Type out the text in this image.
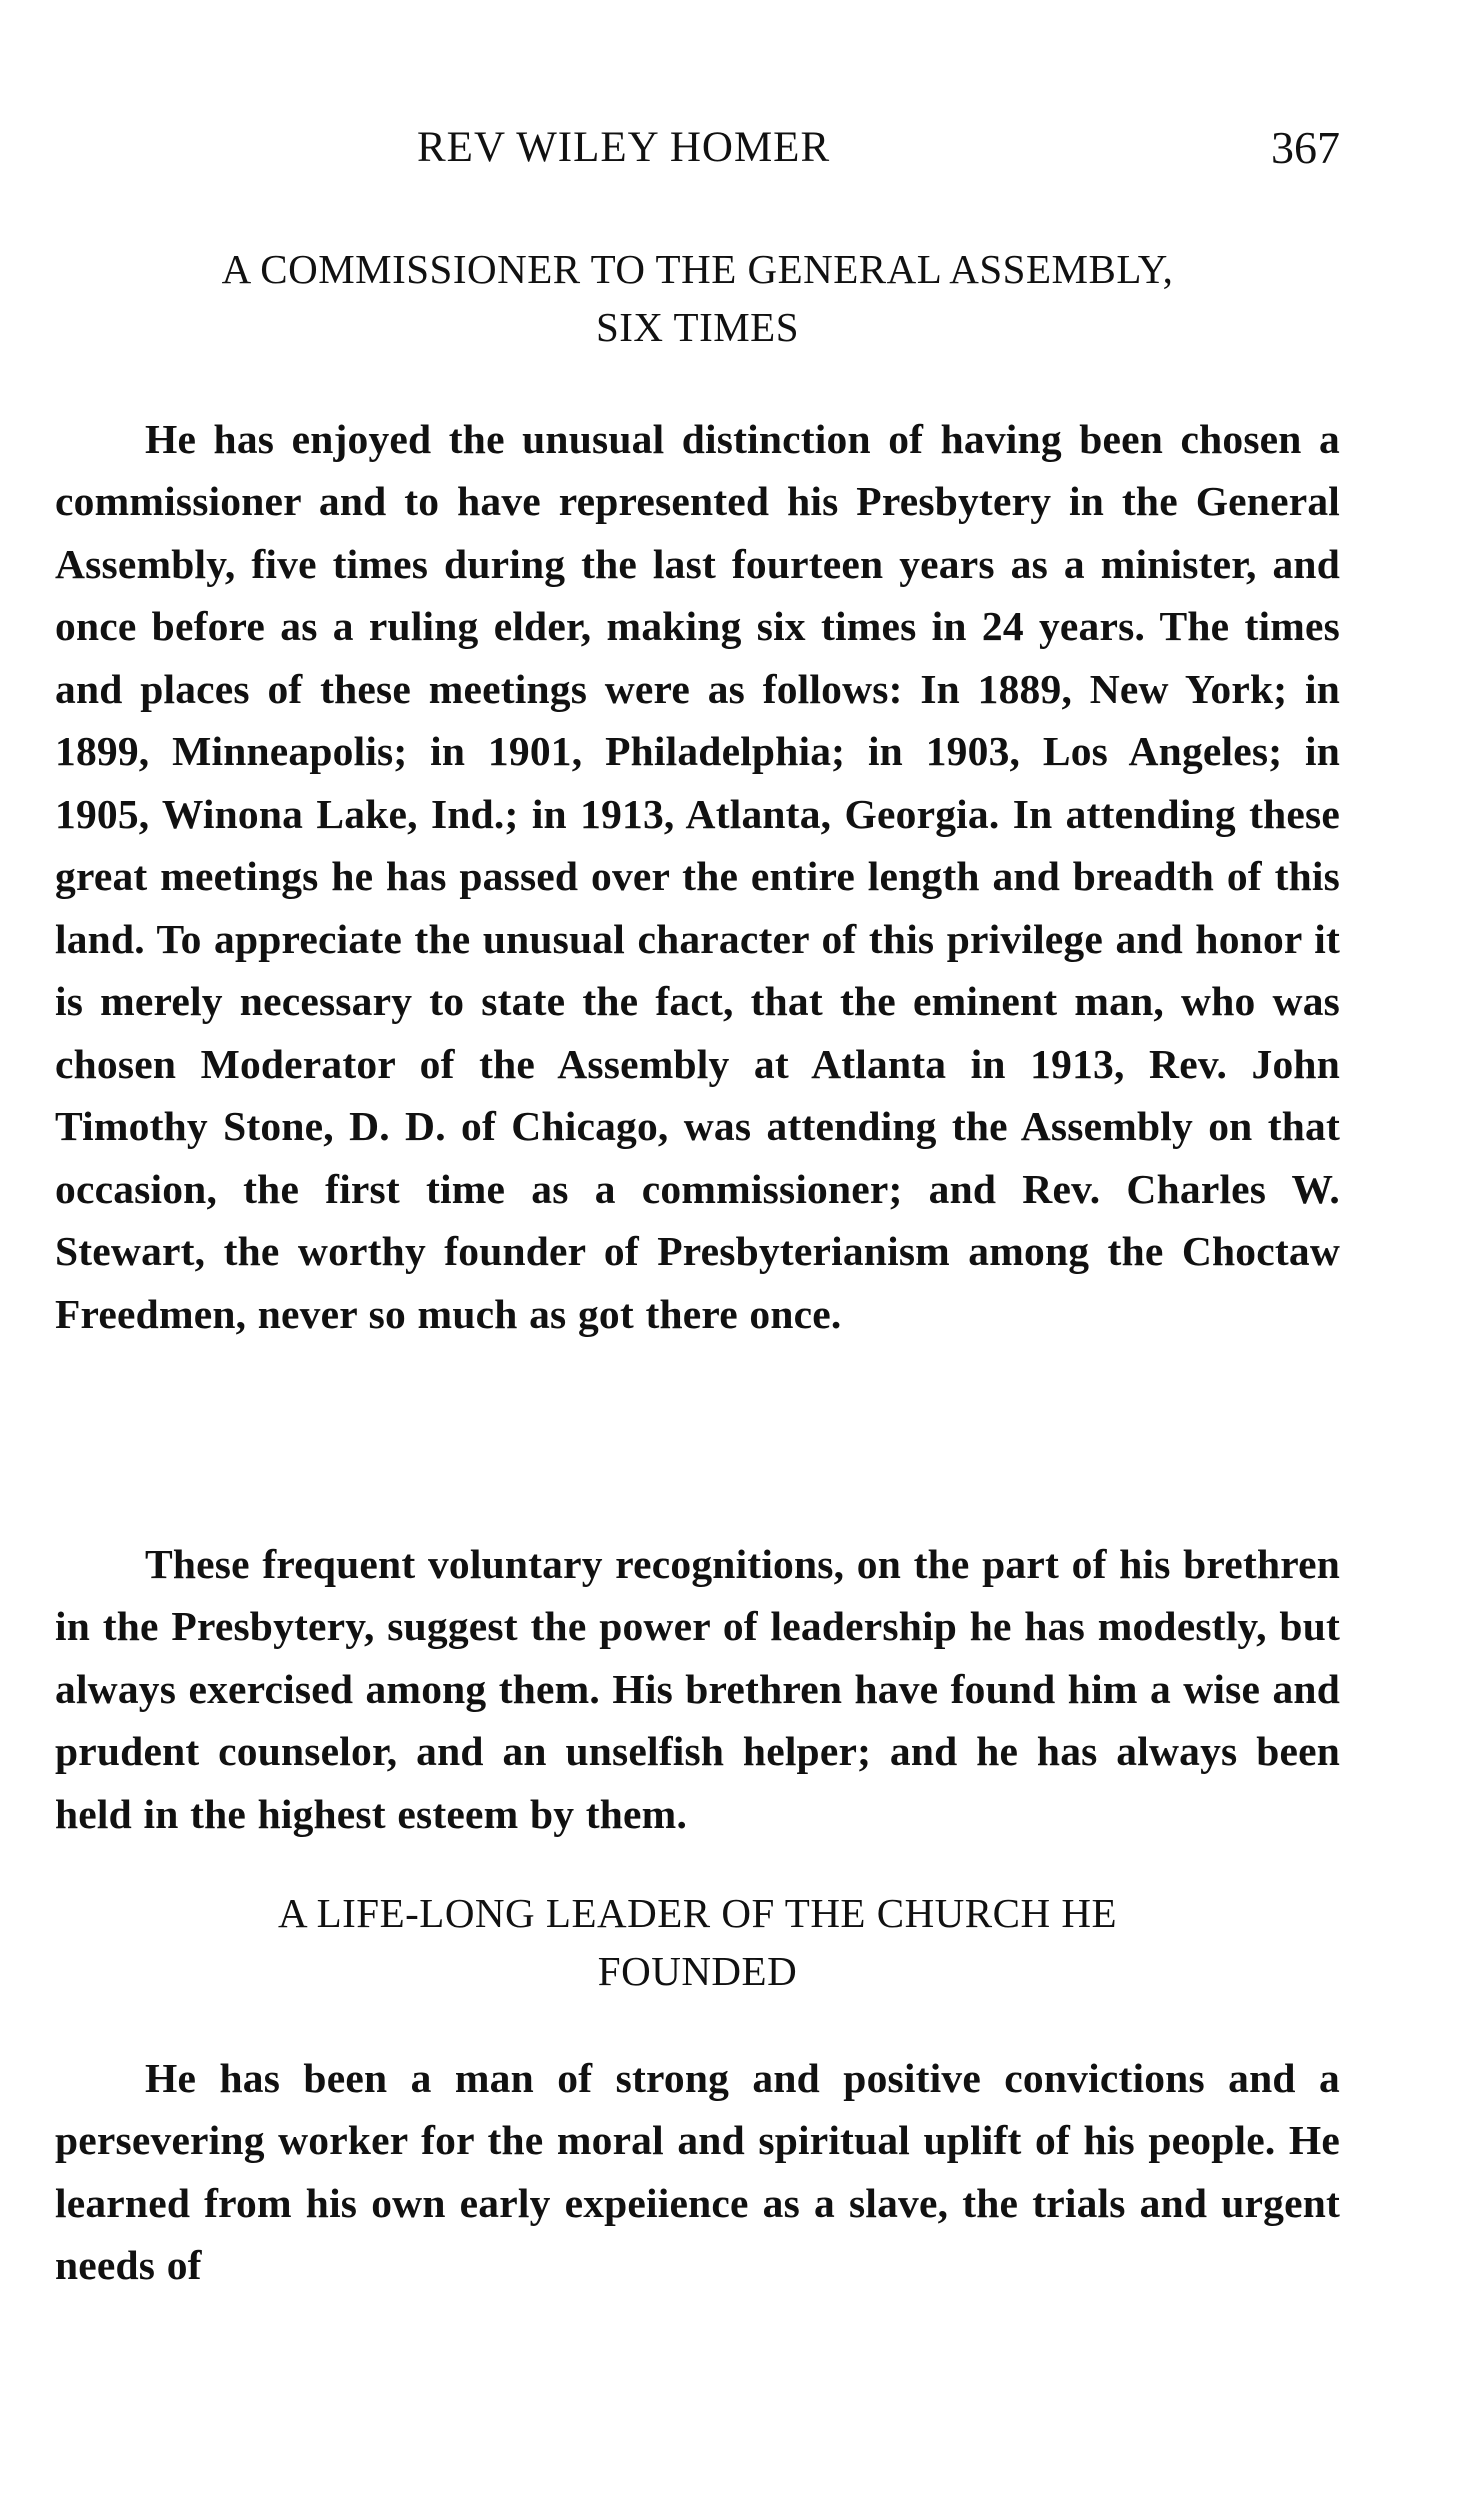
REV WILEY HOMER	367
A COMMISSIONER TO THE GENERAL ASSEMBLY,
SIX TIMES

He has enjoyed the unusual distinction of having been chosen a commissioner and to have represented his Presbytery in the General Assembly, five times during the last fourteen years as a minister, and once before as a ruling elder, making six times in 24 years. The times and places of these meetings were as follows: In 1889, New York; in 1899, Minneapolis; in 1901, Philadelphia; in 1903, Los Angeles; in 1905, Winona Lake, Ind.; in 1913, Atlanta, Georgia. In attending these great meetings he has passed over the entire length and breadth of this land. To appreciate the unusual character of this privilege and honor it is merely necessary to state the fact, that the eminent man, who was chosen Moderator of the Assembly at Atlanta in 1913, Rev. John Timothy Stone, D. D. of Chicago, was attending the Assembly on that occasion, the first time as a commissioner; and Rev. Charles W. Stewart, the worthy founder of Presbyterianism among the Choctaw Freedmen, never so much as got there once.

These frequent voluntary recognitions, on the part of his brethren in the Presbytery, suggest the power of leadership he has modestly, but always exercised among them. His brethren have found him a wise and prudent counselor, and an unselfish helper; and he has always been held in the highest esteem by them.

A LIFE-LONG LEADER OF THE CHURCH HE
FOUNDED

He has been a man of strong and positive convictions and a persevering worker for the moral and spiritual uplift of his people. He learned from his own early expeiience as a slave, the trials and urgent needs of
